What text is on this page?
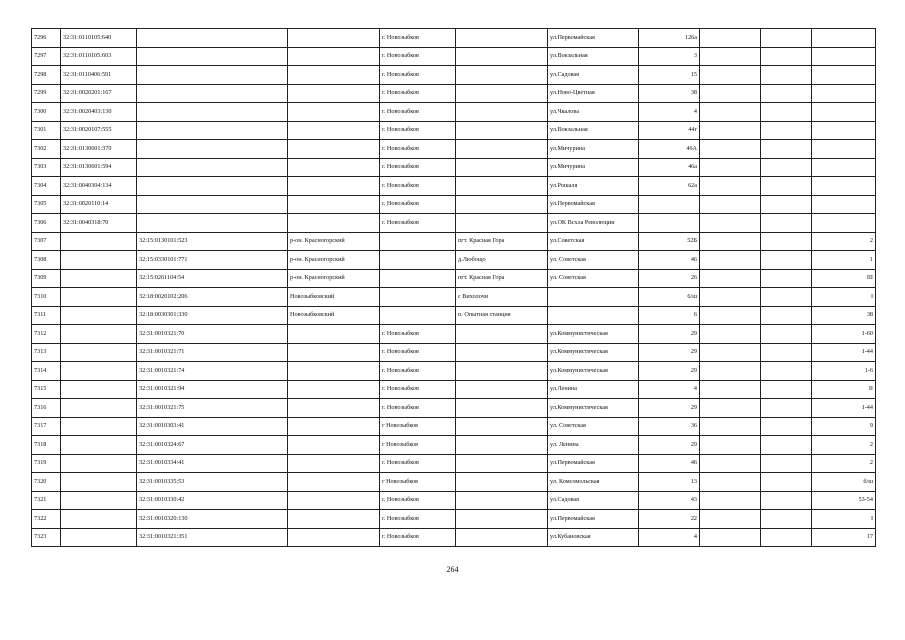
7296	32:31:0110105:640			г. Новозыбков		ул.Первомайская	126а			
7297	32:31:0110105:603			г. Новозыбков		ул.Вокзальная	3			
7298	32:31:0110406:591			г. Новозыбков		ул.Садовая	15			
7299	32:31:0020201:167			г. Новозыбков		ул.Ново-Цветная	38			
7300	32:31:0020403:130			г. Новозыбков		ул.Чкалова	4			
7301	32:31:0020107:555			г. Новозыбков		ул.Вокзальная	44г			
7302	32:31:0130601:370			г. Новозыбков		ул.Мичурина	46А			
7303	32:31:0130601:594			г. Новозыбков		ул.Мичурина	46а			
7304	32:31:0040304:134			г. Новозыбков		ул.Рошаля	62а			
7305	32:31:0020110:14			г. Новозыбков		ул.Первомайская				
7306	32:31:0040318:70			г. Новозыбков		ул.ОК Всхла Революции				
7307		32:15:0130101:523	р-он. Красногорский		пгт. Красная Гора	ул.Советская	52Б			2
7308		32:15:0330101:771	р-он. Красногорский		д.Любощо	ул. Советская	46			1
7309		32:15:0261104:54	р-он. Красногорский		пгт. Красная Гора	ул. Советская	26			III
7310		32:18:0020102:206	Новозыбковский		с Вихолочи		6/ш			I
7311		32:18:0030301:330	Новозыбковский		п. Опытная станция		6			38
7312		32:31:0010321:70		г. Новозыбков		ул.Коммунистическая	29			1-60
7313		32:31:0010321:71		г. Новозыбков		ул.Коммунистическая	29			1-44
7314		32:31:0010321:74		г. Новозыбков		ул.Коммунистическая	29			1-6
7315		32:31:0010321:94		г. Новозыбков		ул.Ленина	4			II
7316		32:31:0010321:75		г. Новозыбков		ул.Коммунистическая	29			1-44
7317		32:31:0010303:41		г Новозыбков		ул. Советская	36			9
7318		32:31:0010324:67		г Новозыбков		ул. Ленина	29			2
7319		32:31:0010334:41		г. Новозыбков		ул.Первомайская	46			2
7320		32:31:0010335:53		г Новозыбков		ул. Комсомольская	13			б/ш
7321		32:31:0010330:42		г. Новозыбков		ул.Садовая	43			53-54
7322		32:31:0010320:130		г. Новозыбков		ул.Первомайская	22			I
7323		32:31:0010321:351		г. Новозыбков		ул.Кубановская	4			17
264
